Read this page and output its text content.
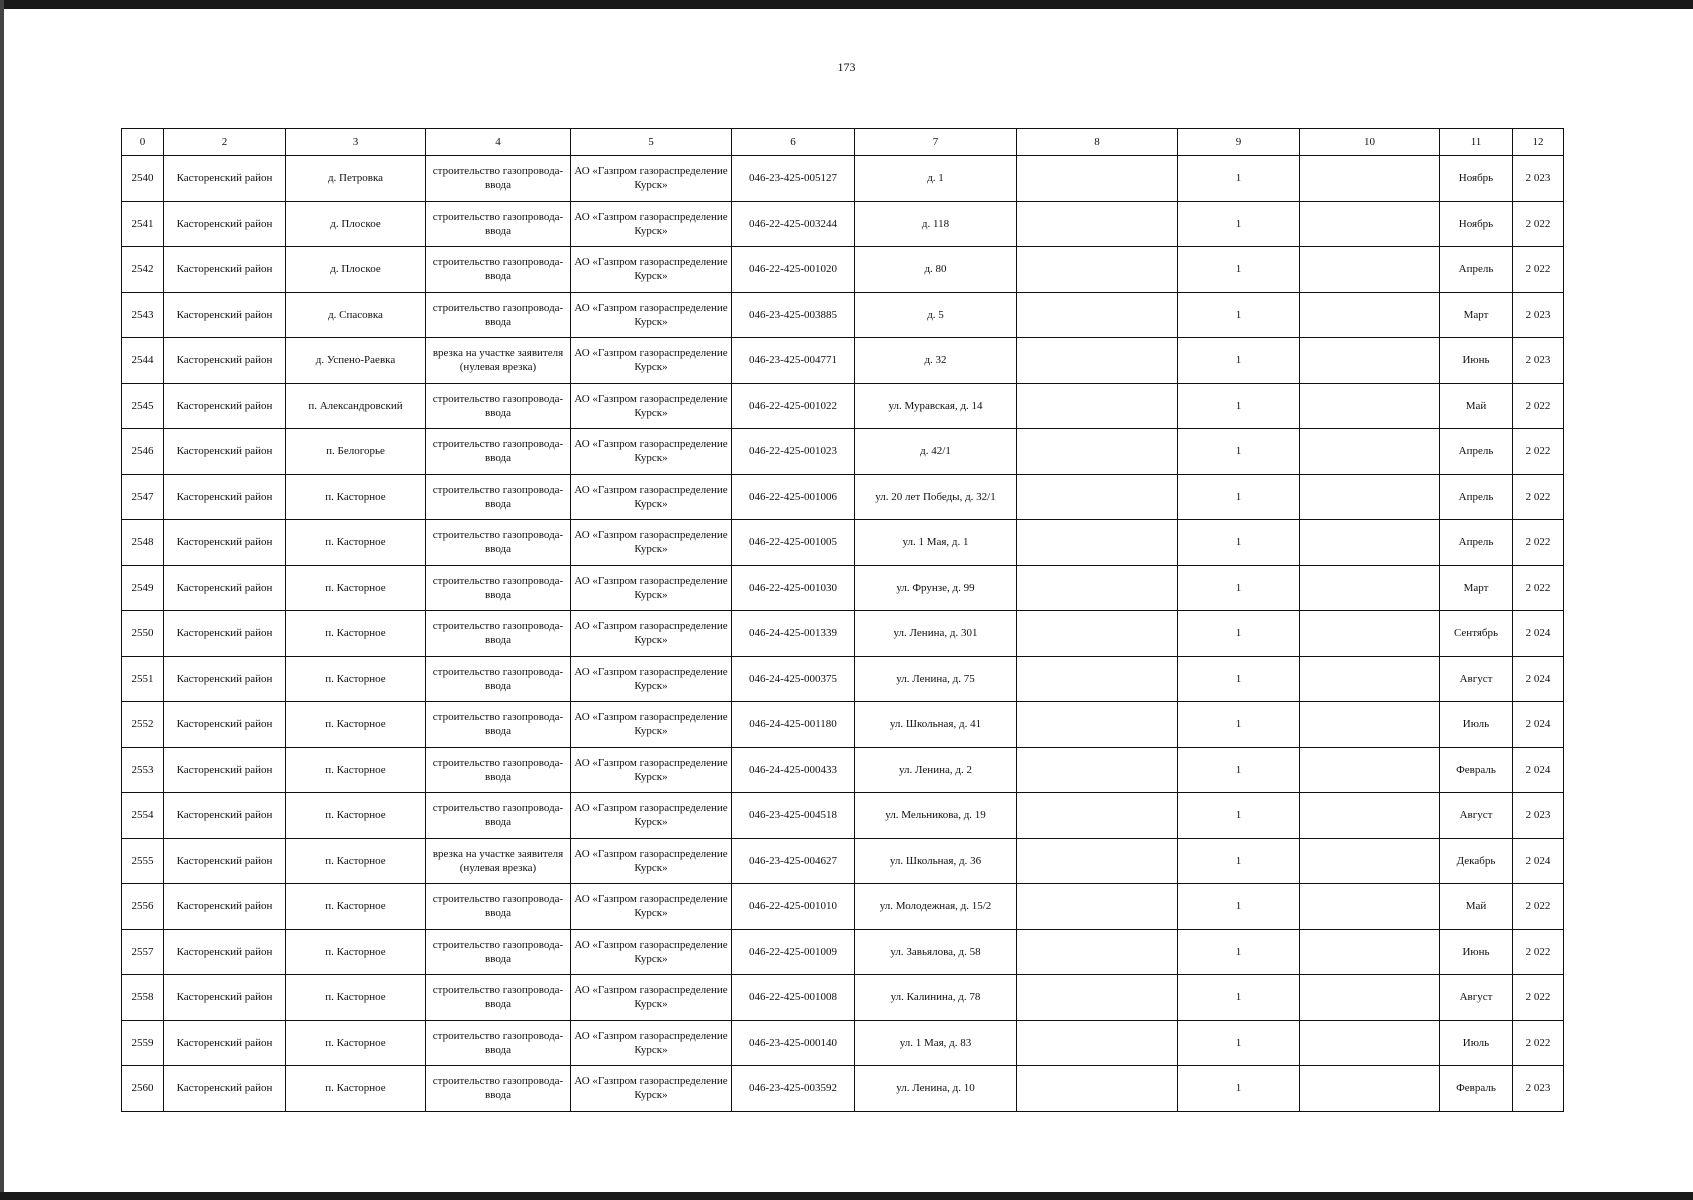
173
0	2	3	4	5	6	7	8	9	10	11	12
2540	Касторенский район	д. Петровка	строительство газопровода-ввода	АО «Газпром газораспределение Курск»	046-23-425-005127	д. 1		1		Ноябрь	2 023
2541	Касторенский район	д. Плоское	строительство газопровода-ввода	АО «Газпром газораспределение Курск»	046-22-425-003244	д. 118		1		Ноябрь	2 022
2542	Касторенский район	д. Плоское	строительство газопровода-ввода	АО «Газпром газораспределение Курск»	046-22-425-001020	д. 80		1		Апрель	2 022
2543	Касторенский район	д. Спасовка	строительство газопровода-ввода	АО «Газпром газораспределение Курск»	046-23-425-003885	д. 5		1		Март	2 023
2544	Касторенский район	д. Успено-Раевка	врезка на участке заявителя (нулевая врезка)	АО «Газпром газораспределение Курск»	046-23-425-004771	д. 32		1		Июнь	2 023
2545	Касторенский район	п. Александровский	строительство газопровода-ввода	АО «Газпром газораспределение Курск»	046-22-425-001022	ул. Муравская, д. 14		1		Май	2 022
2546	Касторенский район	п. Белогорье	строительство газопровода-ввода	АО «Газпром газораспределение Курск»	046-22-425-001023	д. 42/1		1		Апрель	2 022
2547	Касторенский район	п. Касторное	строительство газопровода-ввода	АО «Газпром газораспределение Курск»	046-22-425-001006	ул. 20 лет Победы, д. 32/1		1		Апрель	2 022
2548	Касторенский район	п. Касторное	строительство газопровода-ввода	АО «Газпром газораспределение Курск»	046-22-425-001005	ул. 1 Мая, д. 1		1		Апрель	2 022
2549	Касторенский район	п. Касторное	строительство газопровода-ввода	АО «Газпром газораспределение Курск»	046-22-425-001030	ул. Фрунзе, д. 99		1		Март	2 022
2550	Касторенский район	п. Касторное	строительство газопровода-ввода	АО «Газпром газораспределение Курск»	046-24-425-001339	ул. Ленина, д. 301		1		Сентябрь	2 024
2551	Касторенский район	п. Касторное	строительство газопровода-ввода	АО «Газпром газораспределение Курск»	046-24-425-000375	ул. Ленина, д. 75		1		Август	2 024
2552	Касторенский район	п. Касторное	строительство газопровода-ввода	АО «Газпром газораспределение Курск»	046-24-425-001180	ул. Школьная, д. 41		1		Июль	2 024
2553	Касторенский район	п. Касторное	строительство газопровода-ввода	АО «Газпром газораспределение Курск»	046-24-425-000433	ул. Ленина, д. 2		1		Февраль	2 024
2554	Касторенский район	п. Касторное	строительство газопровода-ввода	АО «Газпром газораспределение Курск»	046-23-425-004518	ул. Мельникова, д. 19		1		Август	2 023
2555	Касторенский район	п. Касторное	врезка на участке заявителя (нулевая врезка)	АО «Газпром газораспределение Курск»	046-23-425-004627	ул. Школьная, д. 36		1		Декабрь	2 024
2556	Касторенский район	п. Касторное	строительство газопровода-ввода	АО «Газпром газораспределение Курск»	046-22-425-001010	ул. Молодежная, д. 15/2		1		Май	2 022
2557	Касторенский район	п. Касторное	строительство газопровода-ввода	АО «Газпром газораспределение Курск»	046-22-425-001009	ул. Завьялова, д. 58		1		Июнь	2 022
2558	Касторенский район	п. Касторное	строительство газопровода-ввода	АО «Газпром газораспределение Курск»	046-22-425-001008	ул. Калинина, д. 78		1		Август	2 022
2559	Касторенский район	п. Касторное	строительство газопровода-ввода	АО «Газпром газораспределение Курск»	046-23-425-000140	ул. 1 Мая, д. 83		1		Июль	2 022
2560	Касторенский район	п. Касторное	строительство газопровода-ввода	АО «Газпром газораспределение Курск»	046-23-425-003592	ул. Ленина, д. 10		1		Февраль	2 023
